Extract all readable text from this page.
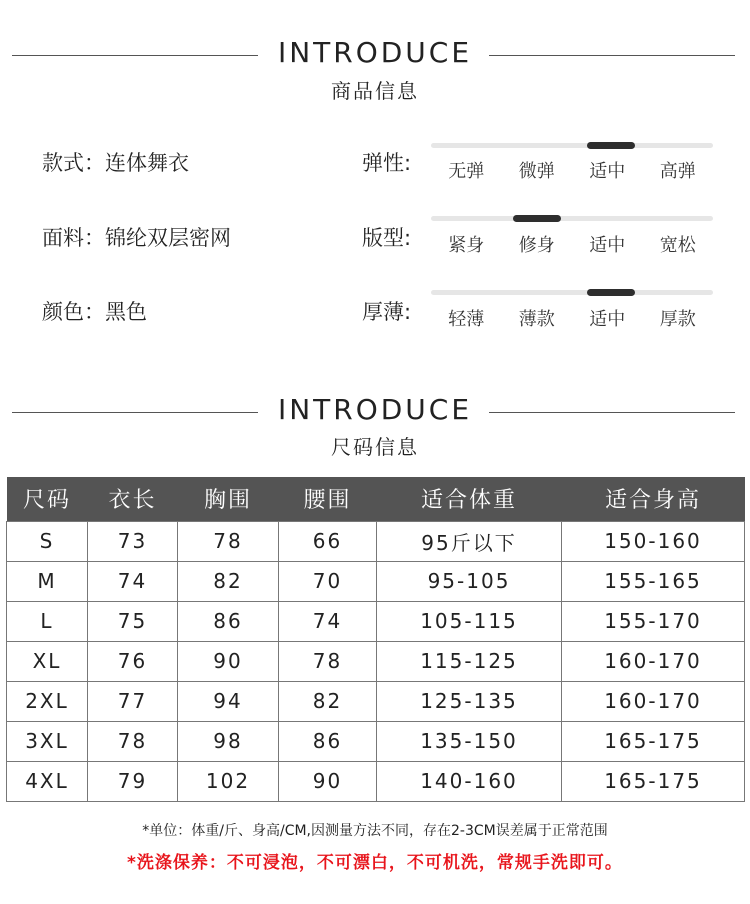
INTRODUCE
商品信息
款式：连体舞衣
面料：锦纶双层密网
颜色：黑色
弹性:	无弹	微弹	适中	高弹
版型:	紧身	修身	适中	宽松
厚薄:	轻薄	薄款	适中	厚款
INTRODUCE
尺码信息
尺码	衣长	胸围	腰围	适合体重	适合身高
S	73	78	66	95斤以下	150-160
M	74	82	70	95-105	155-165
L	75	86	74	105-115	155-170
XL	76	90	78	115-125	160-170
2XL	77	94	82	125-135	160-170
3XL	78	98	86	135-150	165-175
4XL	79	102	90	140-160	165-175
*单位：体重/斤、身高/CM,因测量方法不同，存在2-3CM误差属于正常范围
*洗涤保养：不可浸泡，不可漂白，不可机洗，常规手洗即可。
